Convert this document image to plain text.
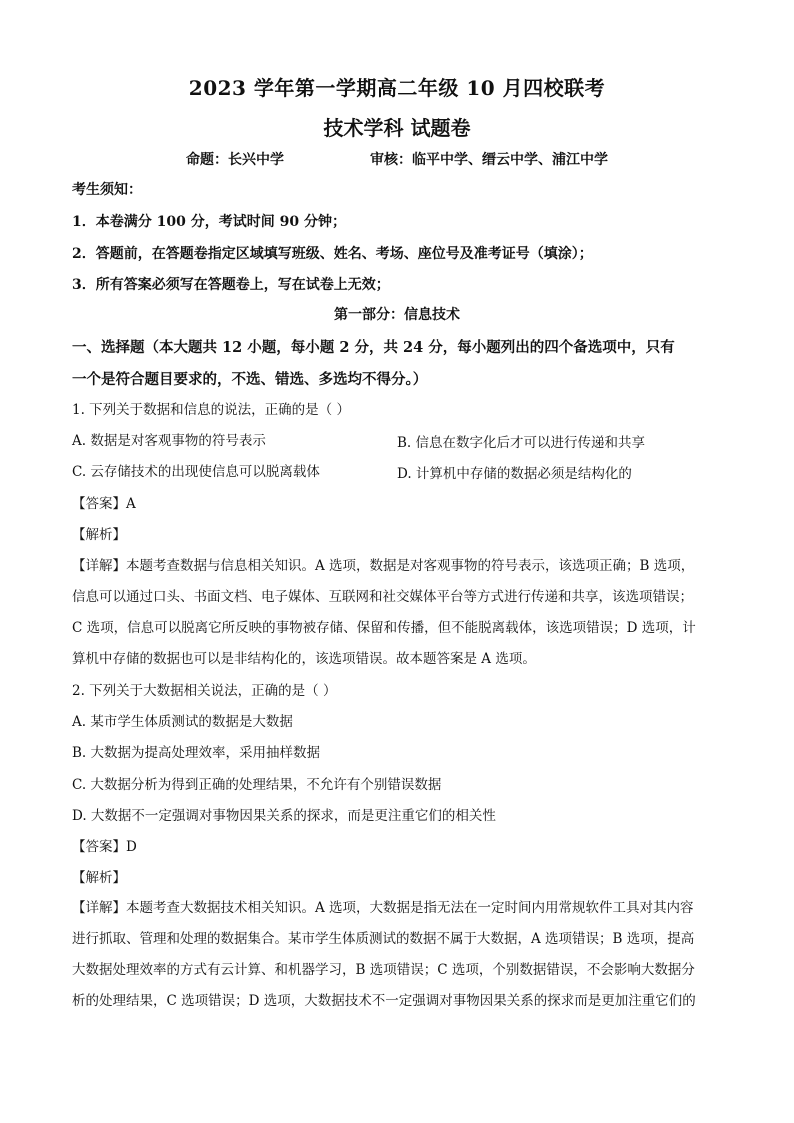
2023 学年第一学期高二年级 10 月四校联考
技术学科 试题卷
命题：长兴中学	审核：临平中学、缙云中学、浦江中学
考生须知：
1．本卷满分 100 分，考试时间 90 分钟；
2．答题前，在答题卷指定区域填写班级、姓名、考场、座位号及准考证号（填涂）；
3．所有答案必须写在答题卷上，写在试卷上无效；
第一部分：信息技术
一、选择题（本大题共 12 小题，每小题 2 分，共 24 分，每小题列出的四个备选项中，只有
一个是符合题目要求的，不选、错选、多选均不得分。）
1. 下列关于数据和信息的说法，正确的是（ ）
A. 数据是对客观事物的符号表示	B. 信息在数字化后才可以进行传递和共享
C. 云存储技术的出现使信息可以脱离载体	D. 计算机中存储的数据必须是结构化的
【答案】A
【解析】
【详解】本题考查数据与信息相关知识。A 选项，数据是对客观事物的符号表示，该选项正确；B 选项，
信息可以通过口头、书面文档、电子媒体、互联网和社交媒体平台等方式进行传递和共享，该选项错误；
C 选项，信息可以脱离它所反映的事物被存储、保留和传播，但不能脱离载体，该选项错误；D 选项，计
算机中存储的数据也可以是非结构化的，该选项错误。故本题答案是 A 选项。
2. 下列关于大数据相关说法，正确的是（ ）
A. 某市学生体质测试的数据是大数据
B. 大数据为提高处理效率，采用抽样数据
C. 大数据分析为得到正确的处理结果，不允许有个别错误数据
D. 大数据不一定强调对事物因果关系的探求，而是更注重它们的相关性
【答案】D
【解析】
【详解】本题考查大数据技术相关知识。A 选项，大数据是指无法在一定时间内用常规软件工具对其内容
进行抓取、管理和处理的数据集合。某市学生体质测试的数据不属于大数据，A 选项错误；B 选项，提高
大数据处理效率的方式有云计算、和机器学习，B 选项错误；C 选项，个别数据错误，不会影响大数据分
析的处理结果，C 选项错误；D 选项，大数据技术不一定强调对事物因果关系的探求而是更加注重它们的
